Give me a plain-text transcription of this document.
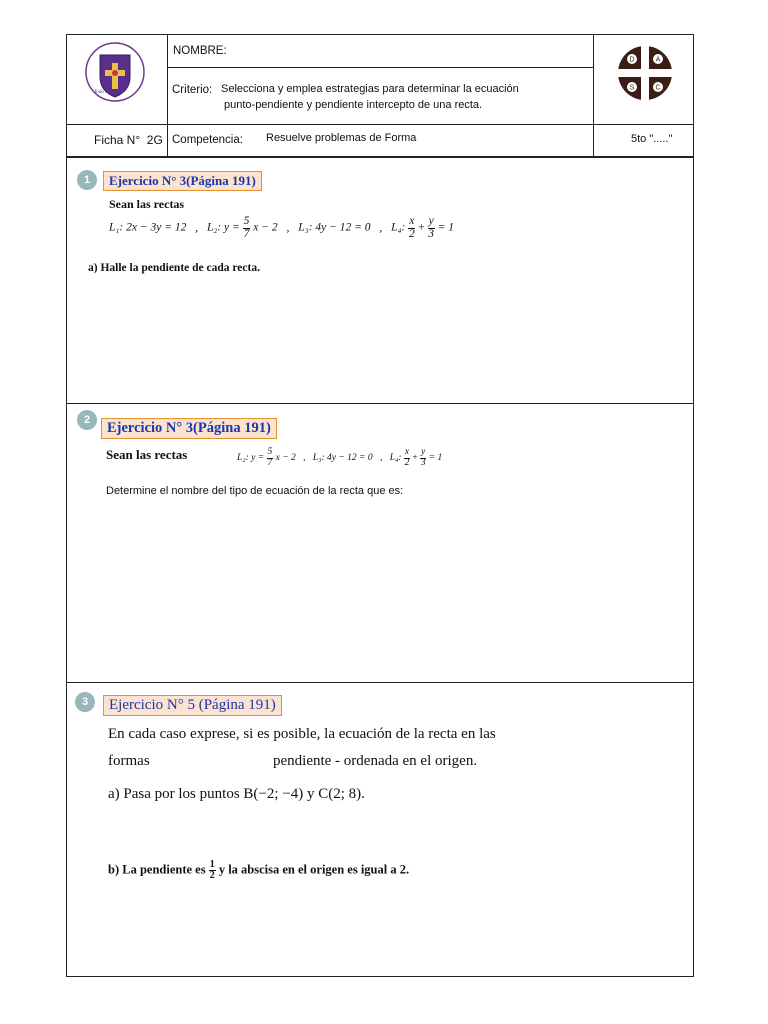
Todo en Cristo
NOMBRE:
Criterio: Selecciona y emplea estrategias para determinar la ecuación
punto-pendiente y pendiente intercepto de una recta.
D	A
S	C
Ficha N°  2G Competencia: Resuelve problemas de Forma	5to "....."
1	Ejercicio N° 3(Página 191)
Sean las rectas
L₁: 2x − 3y = 12 , L₂: $y = \frac{5}{7}$ x − 2 , L₃: 4y − 12 = 0 , L₄: $\frac{x}{2} + \frac{y}{3} = 1$
a) Halle la pendiente de cada recta.
2	Ejercicio N° 3(Página 191)
Sean las rectas	L₂: $y = \frac{5}{7}$ x − 2 , L₃: 4y − 12 = 0 , L₄: $\frac{x}{2} + \frac{y}{3} = 1$
Determine el nombre del tipo de ecuación de la recta que es:
3	Ejercicio N° 5 (Página 191)
En cada caso exprese, si es posible, la ecuación de la recta en las
formas	pendiente - ordenada en el origen.
a) Pasa por los puntos B(−2; −4) y C(2; 8).
b) La pendiente es $\frac{1}{2}$ y la abscisa en el origen es igual a 2.
